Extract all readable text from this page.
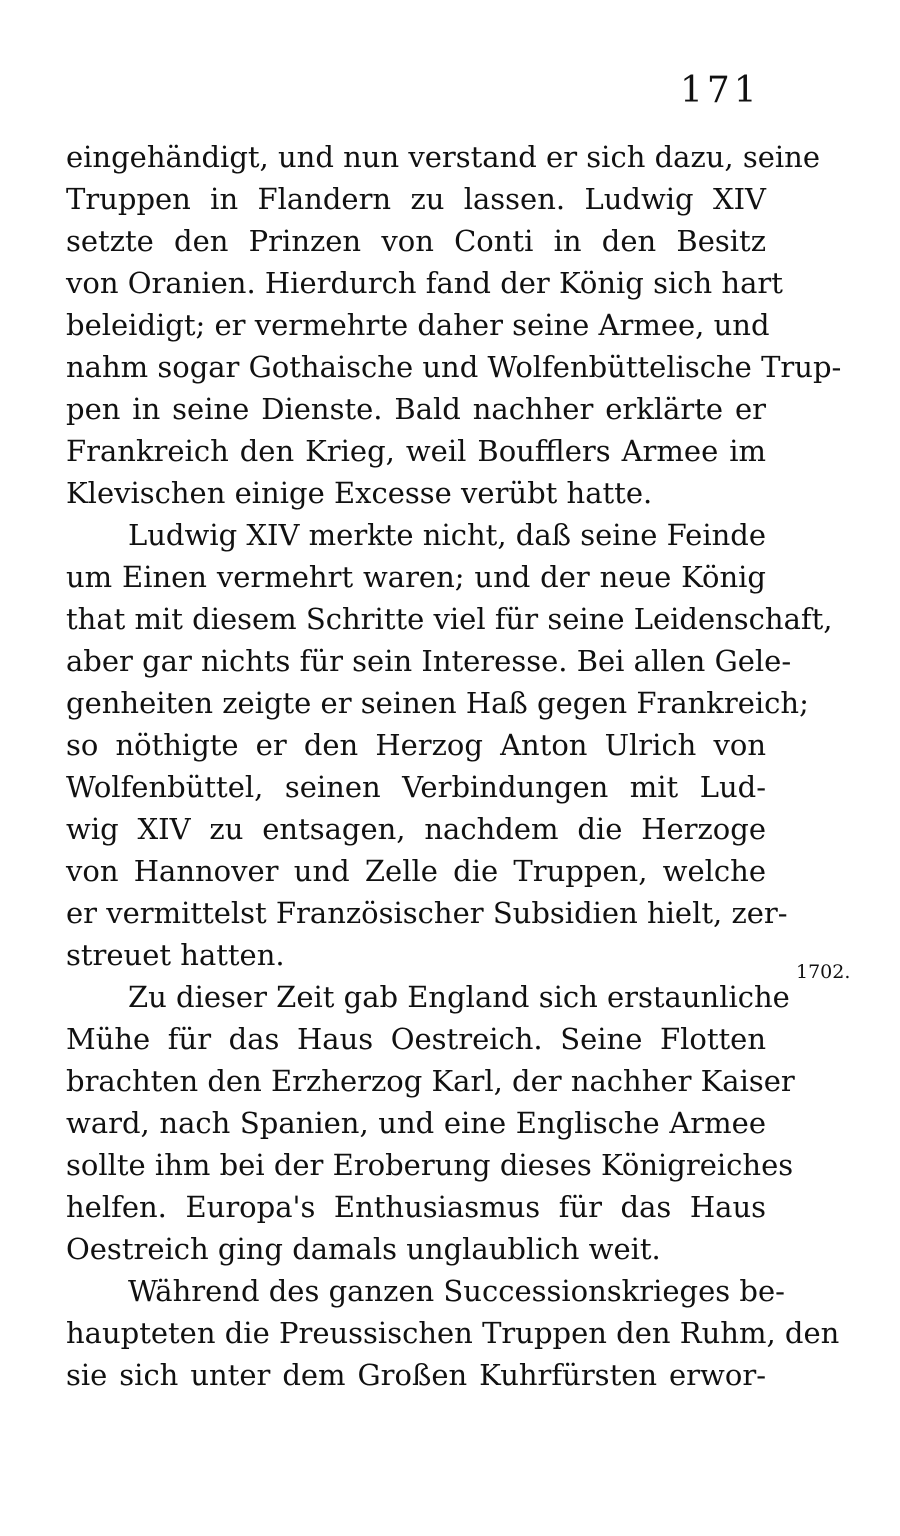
171
eingehändigt, und nun verstand er sich dazu, seine
Truppen in Flandern zu lassen. Ludwig XIV
setzte den Prinzen von Conti in den Besitz
von Oranien. Hierdurch fand der König sich hart
beleidigt; er vermehrte daher seine Armee, und
nahm sogar Gothaische und Wolfenbüttelische Trup-
pen in seine Dienste. Bald nachher erklärte er
Frankreich den Krieg, weil Boufflers Armee im
Klevischen einige Excesse verübt hatte.
Ludwig XIV merkte nicht, daß seine Feinde
um Einen vermehrt waren; und der neue König
that mit diesem Schritte viel für seine Leidenschaft,
aber gar nichts für sein Interesse. Bei allen Gele-
genheiten zeigte er seinen Haß gegen Frankreich;
so nöthigte er den Herzog Anton Ulrich von
Wolfenbüttel, seinen Verbindungen mit Lud-
wig XIV zu entsagen, nachdem die Herzoge
von Hannover und Zelle die Truppen, welche
er vermittelst Französischer Subsidien hielt, zer-
streuet hatten.
Zu dieser Zeit gab England sich erstaunliche
Mühe für das Haus Oestreich. Seine Flotten
brachten den Erzherzog Karl, der nachher Kaiser
ward, nach Spanien, und eine Englische Armee
sollte ihm bei der Eroberung dieses Königreiches
helfen. Europa's Enthusiasmus für das Haus
Oestreich ging damals unglaublich weit.
Während des ganzen Successionskrieges be-
haupteten die Preussischen Truppen den Ruhm, den
sie sich unter dem Großen Kuhrfürsten erwor-
1702.
